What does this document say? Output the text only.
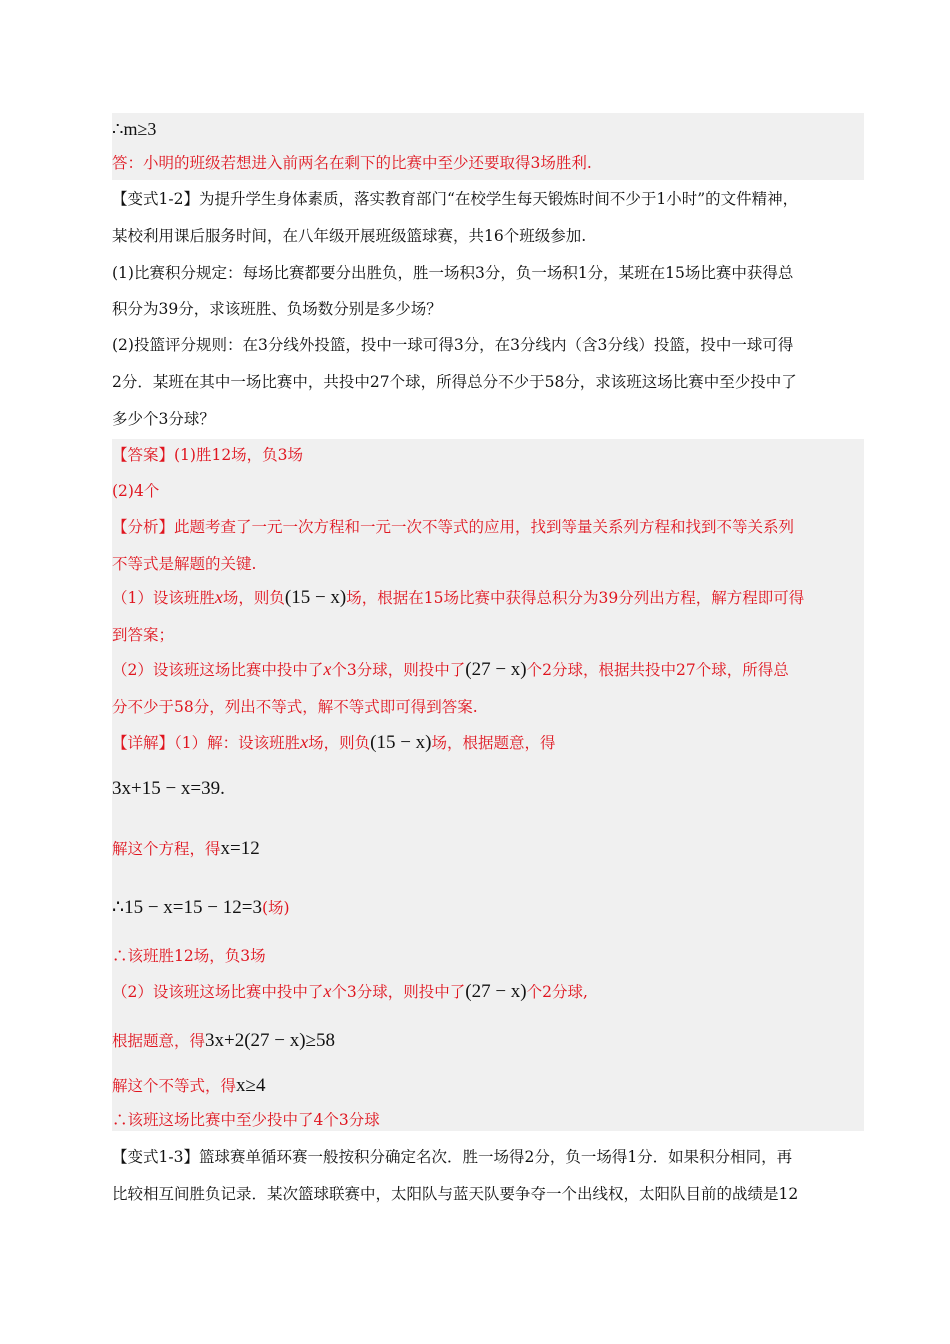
∴m≥3
答：小明的班级若想进入前两名在剩下的比赛中至少还要取得3场胜利.
【变式1-2】为提升学生身体素质，落实教育部门“在校学生每天锻炼时间不少于1小时”的文件精神，
某校利用课后服务时间，在八年级开展班级篮球赛，共16个班级参加.
(1)比赛积分规定：每场比赛都要分出胜负，胜一场积3分，负一场积1分，某班在15场比赛中获得总
积分为39分，求该班胜、负场数分别是多少场？
(2)投篮评分规则：在3分线外投篮，投中一球可得3分，在3分线内（含3分线）投篮，投中一球可得
2分．某班在其中一场比赛中，共投中27个球，所得总分不少于58分，求该班这场比赛中至少投中了
多少个3分球？
【答案】(1)胜12场，负3场
(2)4个
【分析】此题考查了一元一次方程和一元一次不等式的应用，找到等量关系列方程和找到不等关系列
不等式是解题的关键.
（1）设该班胜x场，则负(15 − x)场，根据在15场比赛中获得总积分为39分列出方程，解方程即可得
到答案；
（2）设该班这场比赛中投中了x个3分球，则投中了(27 − x)个2分球，根据共投中27个球，所得总
分不少于58分，列出不等式，解不等式即可得到答案.
【详解】（1）解：设该班胜x场，则负(15 − x)场，根据题意，得
3x+15 − x=39.
解这个方程，得x=12
∴15 − x=15 − 12=3(场)
∴该班胜12场，负3场
（2）设该班这场比赛中投中了x个3分球，则投中了(27 − x)个2分球,
根据题意，得3x+2(27 − x)≥58
解这个不等式，得x≥4
∴该班这场比赛中至少投中了4个3分球
【变式1-3】篮球赛单循环赛一般按积分确定名次．胜一场得2分，负一场得1分．如果积分相同，再
比较相互间胜负记录．某次篮球联赛中，太阳队与蓝天队要争夺一个出线权，太阳队目前的战绩是12
